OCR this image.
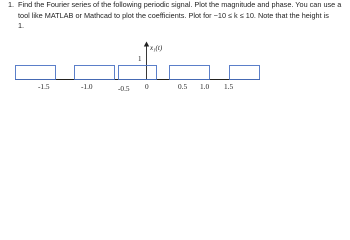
1. Find the Fourier series of the following periodic signal. Plot the magnitude and phase. You can use a
tool like MATLAB or Mathcad to plot the coefficients. Plot for −10 ≤ k ≤ 10. Note that the height is
1.
x₁(t)
1
-1.5	-1.0	-0.5 0	0.5 1.0 1.5
